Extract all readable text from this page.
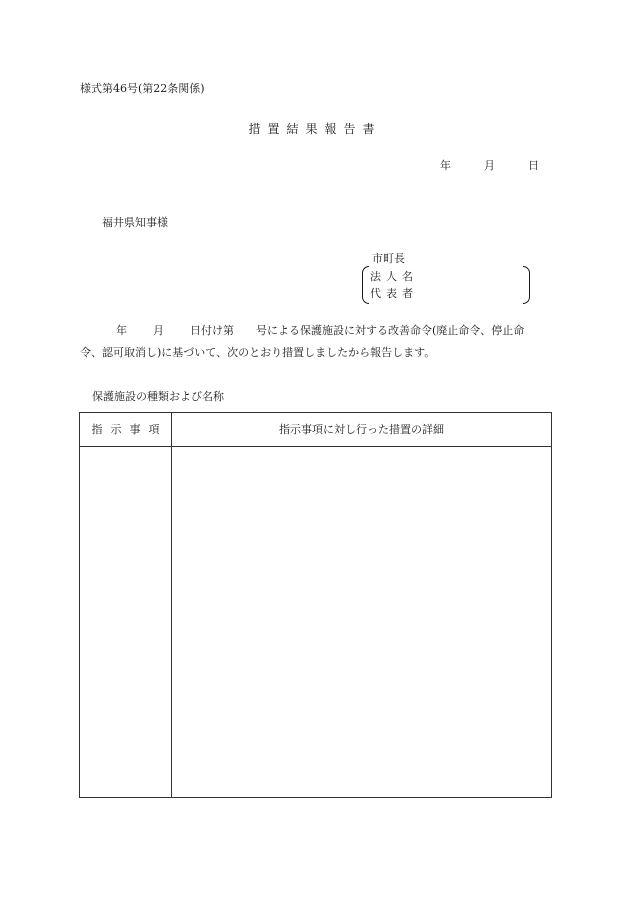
様式第46号(第22条関係)
措置結果報告書
年	月	日
福井県知事様
市町長
法人名
代表者
年 月 日付け第　　号による保護施設に対する改善命令(廃止命令、停止命
令、認可取消し)に基づいて、次のとおり措置しましたから報告します。
保護施設の種類および名称
指示事項	指示事項に対し行った措置の詳細
